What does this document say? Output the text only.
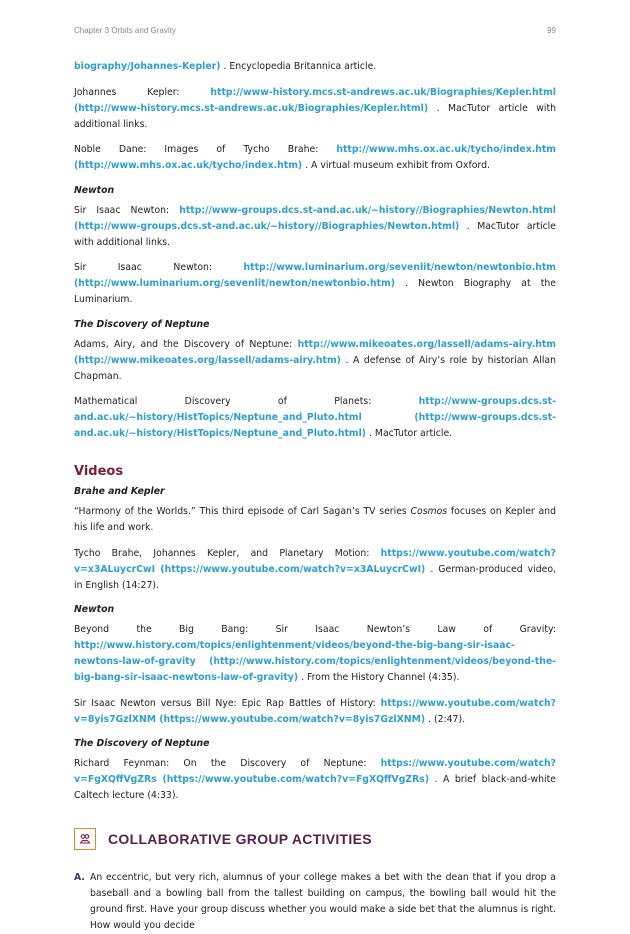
Chapter 3 Orbits and Gravity	99

biography/Johannes-Kepler) . Encyclopedia Britannica article.

Johannes Kepler: http://www-history.mcs.st-andrews.ac.uk/Biographies/Kepler.html (http://www-history.mcs.st-andrews.ac.uk/Biographies/Kepler.html) . MacTutor article with additional links.

Noble Dane: Images of Tycho Brahe: http://www.mhs.ox.ac.uk/tycho/index.htm (http://www.mhs.ox.ac.uk/tycho/index.htm) . A virtual museum exhibit from Oxford.

Newton

Sir Isaac Newton: http://www-groups.dcs.st-and.ac.uk/~history//Biographies/Newton.html (http://www-groups.dcs.st-and.ac.uk/~history//Biographies/Newton.html) . MacTutor article with additional links.

Sir Isaac Newton: http://www.luminarium.org/sevenlit/newton/newtonbio.htm (http://www.luminarium.org/sevenlit/newton/newtonbio.htm) . Newton Biography at the Luminarium.

The Discovery of Neptune

Adams, Airy, and the Discovery of Neptune: http://www.mikeoates.org/lassell/adams-airy.htm (http://www.mikeoates.org/lassell/adams-airy.htm) . A defense of Airy’s role by historian Allan Chapman.

Mathematical Discovery of Planets: http://www-groups.dcs.st-and.ac.uk/~history/HistTopics/Neptune_and_Pluto.html (http://www-groups.dcs.st-and.ac.uk/~history/HistTopics/Neptune_and_Pluto.html) . MacTutor article.

Videos
Brahe and Kepler

“Harmony of the Worlds.” This third episode of Carl Sagan’s TV series Cosmos focuses on Kepler and his life and work.

Tycho Brahe, Johannes Kepler, and Planetary Motion: https://www.youtube.com/watch?v=x3ALuycrCwI (https://www.youtube.com/watch?v=x3ALuycrCwI) . German-produced video, in English (14:27).

Newton

Beyond the Big Bang: Sir Isaac Newton’s Law of Gravity: http://www.history.com/topics/enlightenment/videos/beyond-the-big-bang-sir-isaac-newtons-law-of-gravity (http://www.history.com/topics/enlightenment/videos/beyond-the-big-bang-sir-isaac-newtons-law-of-gravity) . From the History Channel (4:35).

Sir Isaac Newton versus Bill Nye: Epic Rap Battles of History: https://www.youtube.com/watch?v=8yis7GzlXNM (https://www.youtube.com/watch?v=8yis7GzlXNM) . (2:47).

The Discovery of Neptune

Richard Feynman: On the Discovery of Neptune: https://www.youtube.com/watch?v=FgXQffVgZRs (https://www.youtube.com/watch?v=FgXQffVgZRs) . A brief black-and-white Caltech lecture (4:33).

COLLABORATIVE GROUP ACTIVITIES
A. An eccentric, but very rich, alumnus of your college makes a bet with the dean that if you drop a baseball and a bowling ball from the tallest building on campus, the bowling ball would hit the ground first. Have your group discuss whether you would make a side bet that the alumnus is right. How would you decide
